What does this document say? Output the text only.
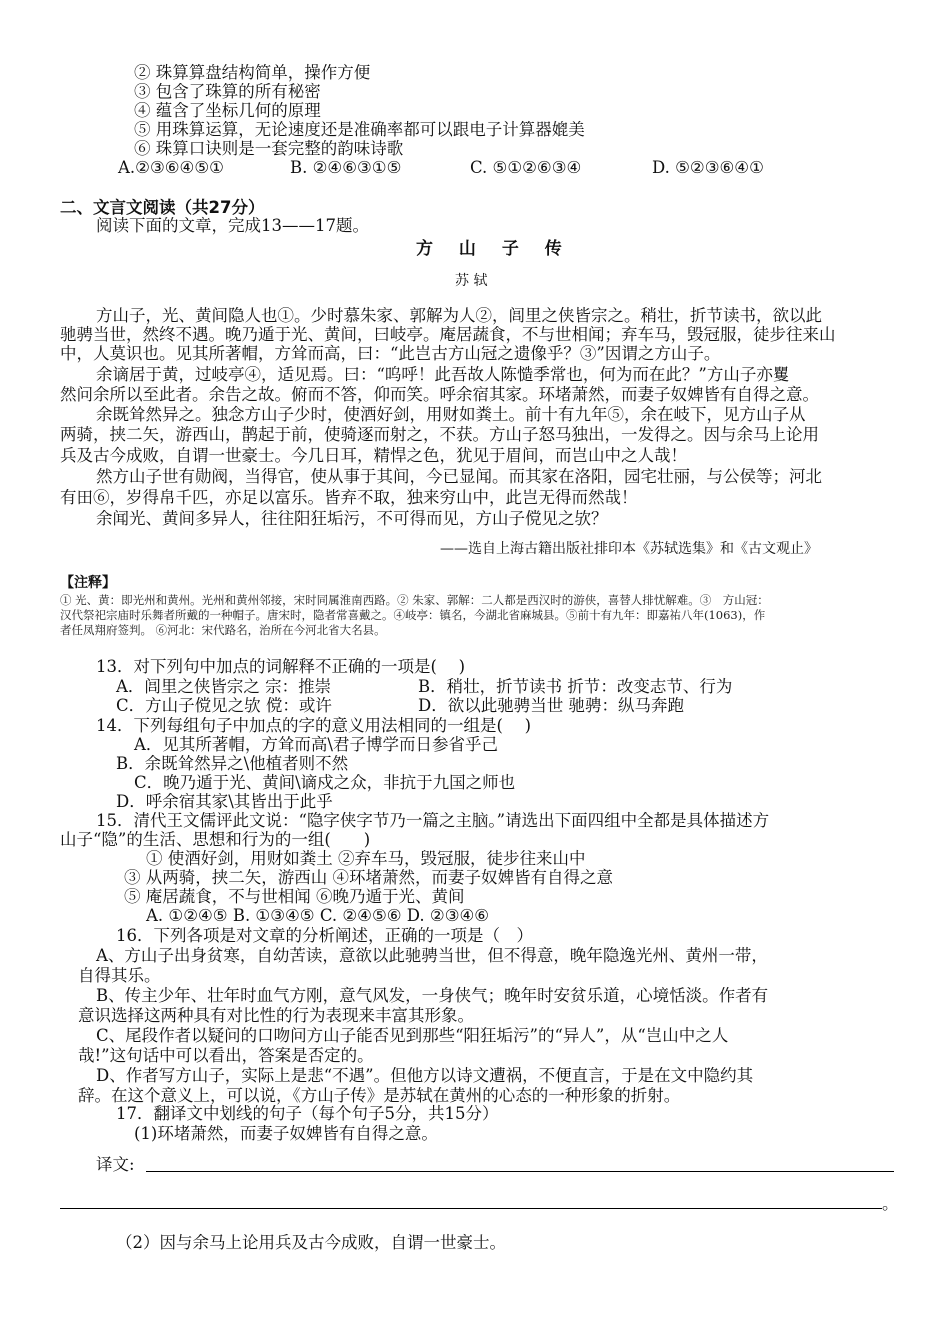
② 珠算算盘结构简单，操作方便
③ 包含了珠算的所有秘密
④ 蕴含了坐标几何的原理
⑤ 用珠算运算，无论速度还是准确率都可以跟电子计算器媲美
⑥ 珠算口诀则是一套完整的韵味诗歌
A.②③⑥④⑤①	B. ②④⑥③①⑤	C. ⑤①②⑥③④	D. ⑤②③⑥④①
二、文言文阅读（共27分）
阅读下面的文章，完成13——17题。
方 山 子 传
苏 轼
方山子，光、黄间隐人也①。少时慕朱家、郭解为人②，闾里之侠皆宗之。稍壮，折节读书，欲以此
驰骋当世，然终不遇。晚乃遁于光、黄间，曰岐亭。庵居蔬食，不与世相闻；弃车马，毁冠服，徒步往来山
中，人莫识也。见其所著帽，方耸而高，曰：“此岂古方山冠之遗像乎？③”因谓之方山子。
余谪居于黄，过岐亭④，适见焉。曰：“呜呼！此吾故人陈慥季常也，何为而在此？”方山子亦矍
然问余所以至此者。余告之故。俯而不答，仰而笑。呼余宿其家。环堵萧然，而妻子奴婢皆有自得之意。
余既耸然异之。独念方山子少时，使酒好剑，用财如粪土。前十有九年⑤，余在岐下，见方山子从
两骑，挟二矢，游西山，鹊起于前，使骑逐而射之，不获。方山子怒马独出，一发得之。因与余马上论用
兵及古今成败，自谓一世豪士。今几日耳，精悍之色，犹见于眉间，而岂山中之人哉！
然方山子世有勋阀，当得官，使从事于其间，今已显闻。而其家在洛阳，园宅壮丽，与公侯等；河北
有田⑥，岁得帛千匹，亦足以富乐。皆弃不取，独来穷山中，此岂无得而然哉！
余闻光、黄间多异人，往往阳狂垢污，不可得而见，方山子傥见之欤？
——选自上海古籍出版社排印本《苏轼选集》和《古文观止》
【注释】
① 光、黄：即光州和黄州。光州和黄州邻接，宋时同属淮南西路。② 朱家、郭解：二人都是西汉时的游侠，喜替人排忧解难。③　方山冠：
汉代祭祀宗庙时乐舞者所戴的一种帽子。唐宋时，隐者常喜戴之。④岐亭：镇名，今湖北省麻城县。⑤前十有九年：即嘉祐八年(1063)，作
者任凤翔府签判。 ⑥河北：宋代路名，治所在今河北省大名县。
13．对下列句中加点的词解释不正确的一项是(　 )
A．闾里之侠皆宗之 宗：推崇	B．稍壮，折节读书 折节：改变志节、行为
C．方山子傥见之欤 傥：或许	D．欲以此驰骋当世 驰骋：纵马奔跑
14．下列每组句子中加点的字的意义用法相同的一组是(　 )
A．见其所著帽，方耸而高\君子博学而日参省乎己
B．余既耸然异之\他植者则不然
C．晚乃遁于光、黄间\谪戍之众，非抗于九国之师也
D．呼余宿其家\其皆出于此乎
15．清代王文儒评此文说：“隐字侠字节乃一篇之主脑。”请选出下面四组中全都是具体描述方
山子“隐”的生活、思想和行为的一组(　　)
① 使酒好剑，用财如粪土 ②弃车马，毁冠服，徒步往来山中
③ 从两骑，挟二矢，游西山 ④环堵萧然，而妻子奴婢皆有自得之意
⑤ 庵居蔬食，不与世相闻 ⑥晚乃遁于光、黄间
A. ①②④⑤ B. ①③④⑤ C. ②④⑤⑥ D. ②③④⑥
16．下列各项是对文章的分析阐述，正确的一项是（　）
A、方山子出身贫寒，自幼苦读，意欲以此驰骋当世，但不得意，晚年隐逸光州、黄州一带，
自得其乐。
B、传主少年、壮年时血气方刚，意气风发，一身侠气；晚年时安贫乐道，心境恬淡。作者有
意识选择这两种具有对比性的行为表现来丰富其形象。
C、尾段作者以疑问的口吻问方山子能否见到那些“阳狂垢污”的“异人”，从“岂山中之人
哉!”这句话中可以看出，答案是否定的。
D、作者写方山子，实际上是悲“不遇”。但他方以诗文遭祸，不便直言，于是在文中隐约其
辞。在这个意义上，可以说，《方山子传》是苏轼在黄州的心态的一种形象的折射。
17．翻译文中划线的句子（每个句子5分，共15分）
(1)环堵萧然，而妻子奴婢皆有自得之意。
译文:
。
（2）因与余马上论用兵及古今成败，自谓一世豪士。
